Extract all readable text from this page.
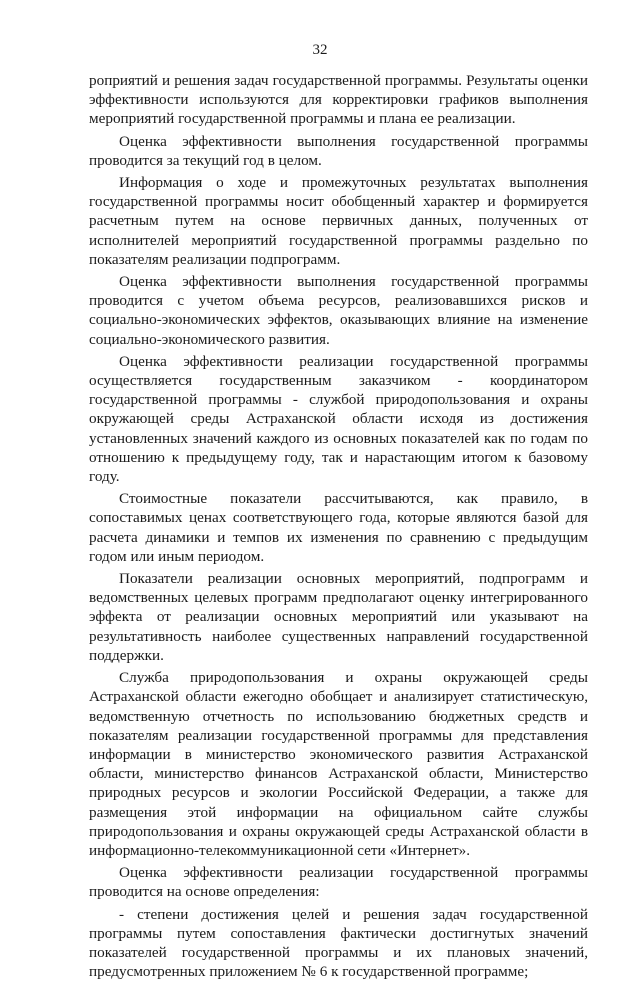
32

роприятий и решения задач государственной программы. Результаты оценки эффективности используются для корректировки графиков выполнения мероприятий государственной программы и плана ее реализации.

Оценка эффективности выполнения государственной программы проводится за текущий год в целом.

Информация о ходе и промежуточных результатах выполнения государственной программы носит обобщенный характер и формируется расчетным путем на основе первичных данных, полученных от исполнителей мероприятий государственной программы раздельно по показателям реализации подпрограмм.

Оценка эффективности выполнения государственной программы проводится с учетом объема ресурсов, реализовавшихся рисков и социально-экономических эффектов, оказывающих влияние на изменение социально-экономического развития.

Оценка эффективности реализации государственной программы осуществляется государственным заказчиком - координатором государственной программы - службой природопользования и охраны окружающей среды Астраханской области исходя из достижения установленных значений каждого из основных показателей как по годам по отношению к предыдущему году, так и нарастающим итогом к базовому году.

Стоимостные показатели рассчитываются, как правило, в сопоставимых ценах соответствующего года, которые являются базой для расчета динамики и темпов их изменения по сравнению с предыдущим годом или иным периодом.

Показатели реализации основных мероприятий, подпрограмм и ведомственных целевых программ предполагают оценку интегрированного эффекта от реализации основных мероприятий или указывают на результативность наиболее существенных направлений государственной поддержки.

Служба природопользования и охраны окружающей среды Астраханской области ежегодно обобщает и анализирует статистическую, ведомственную отчетность по использованию бюджетных средств и показателям реализации государственной программы для представления информации в министерство экономического развития Астраханской области, министерство финансов Астраханской области, Министерство природных ресурсов и экологии Российской Федерации, а также для размещения этой информации на официальном сайте службы природопользования и охраны окружающей среды Астраханской области в информационно-телекоммуникационной сети «Интернет».

Оценка эффективности реализации государственной программы проводится на основе определения:

- степени достижения целей и решения задач государственной программы путем сопоставления фактически достигнутых значений показателей государственной программы и их плановых значений, предусмотренных приложением № 6 к государственной программе;
